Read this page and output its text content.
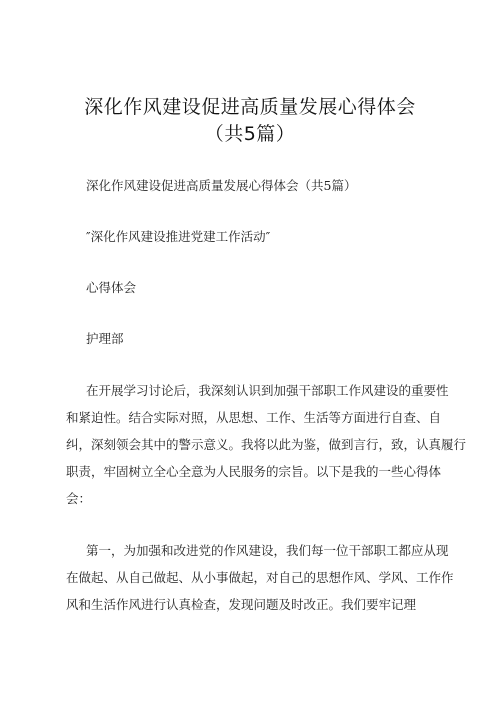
深化作风建设促进高质量发展心得体会
（共5篇）
深化作风建设促进高质量发展心得体会（共5篇）
″深化作风建设推进党建工作活动″
心得体会
护理部
在开展学习讨论后，我深刻认识到加强干部职工作风建设的重要性
和紧迫性。结合实际对照，从思想、工作、生活等方面进行自查、自
纠，深刻领会其中的警示意义。我将以此为鉴，做到言行，致，认真履行
职责，牢固树立全心全意为人民服务的宗旨。以下是我的一些心得体
会：
第一，为加强和改进党的作风建设，我们每一位干部职工都应从现
在做起、从自己做起、从小事做起，对自己的思想作风、学风、工作作
风和生活作风进行认真检查，发现问题及时改正。我们要牢记理
